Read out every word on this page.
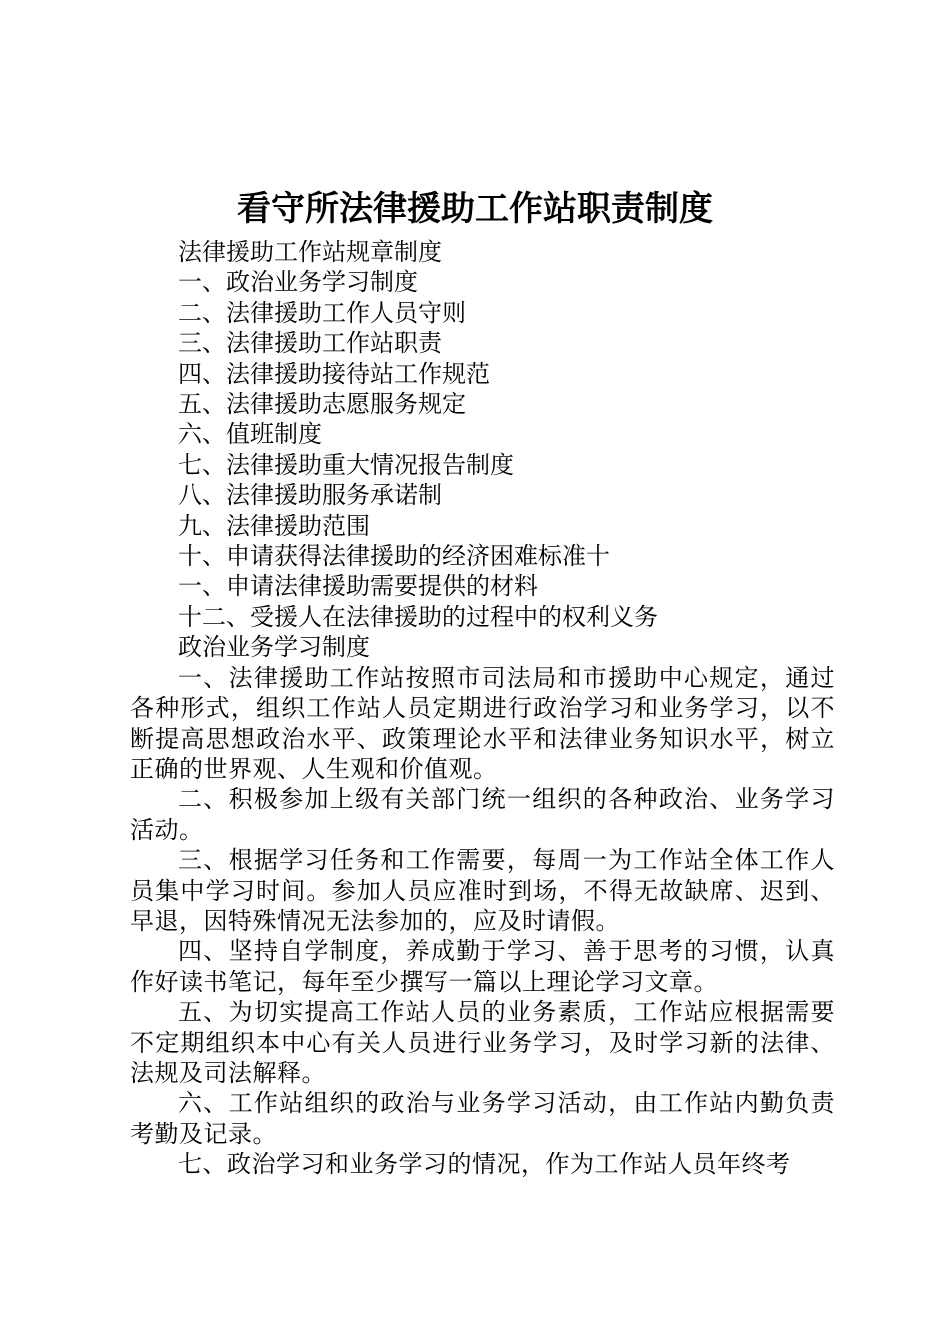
看守所法律援助工作站职责制度

法律援助工作站规章制度

一、政治业务学习制度

二、法律援助工作人员守则

三、法律援助工作站职责

四、法律援助接待站工作规范

五、法律援助志愿服务规定

六、值班制度

七、法律援助重大情况报告制度

八、法律援助服务承诺制

九、法律援助范围

十、申请获得法律援助的经济困难标准十

一、申请法律援助需要提供的材料

十二、受援人在法律援助的过程中的权利义务

政治业务学习制度

一、法律援助工作站按照市司法局和市援助中心规定，通过各种形式，组织工作站人员定期进行政治学习和业务学习，以不断提高思想政治水平、政策理论水平和法律业务知识水平，树立正确的世界观、人生观和价值观。

二、积极参加上级有关部门统一组织的各种政治、业务学习活动。

三、根据学习任务和工作需要，每周一为工作站全体工作人员集中学习时间。参加人员应准时到场，不得无故缺席、迟到、早退，因特殊情况无法参加的，应及时请假。

四、坚持自学制度，养成勤于学习、善于思考的习惯，认真作好读书笔记，每年至少撰写一篇以上理论学习文章。

五、为切实提高工作站人员的业务素质，工作站应根据需要不定期组织本中心有关人员进行业务学习，及时学习新的法律、法规及司法解释。

六、工作站组织的政治与业务学习活动，由工作站内勤负责考勤及记录。

七、政治学习和业务学习的情况，作为工作站人员年终考
